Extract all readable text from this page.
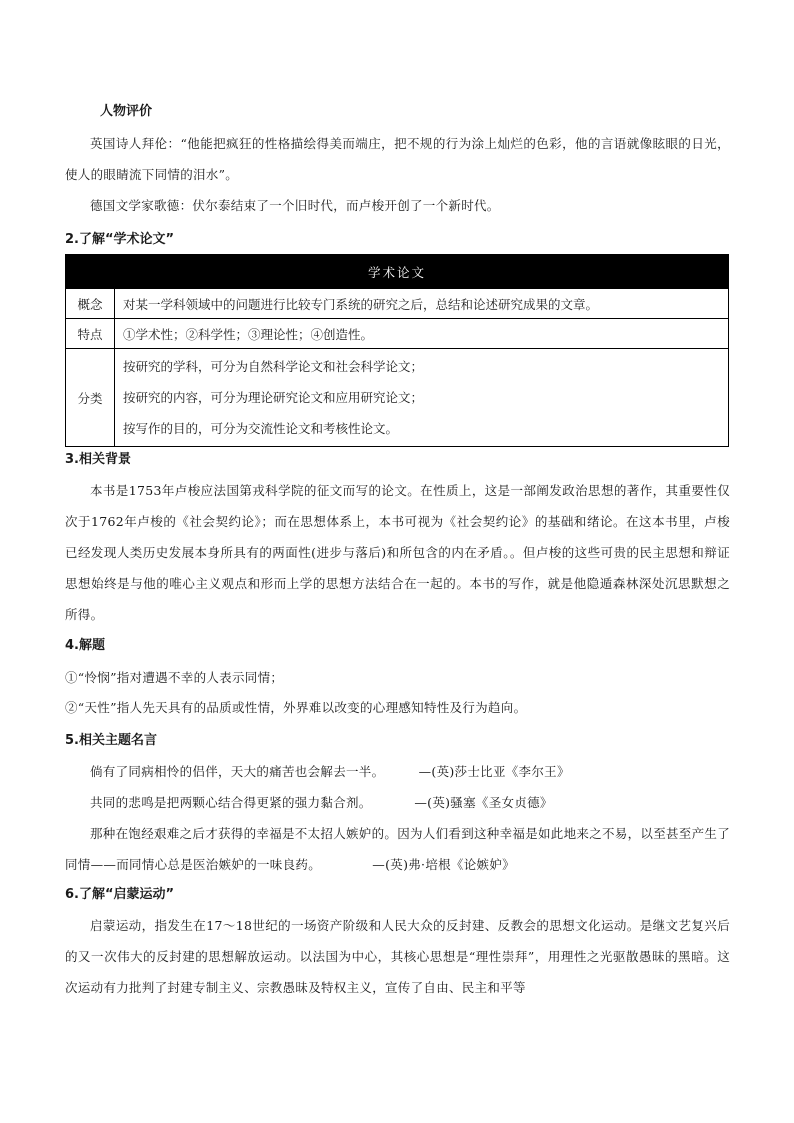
人物评价

英国诗人拜伦：“他能把疯狂的性格描绘得美而端庄，把不规的行为涂上灿烂的色彩，他的言语就像眩眼的日光，使人的眼睛流下同情的泪水”。

德国文学家歌德：伏尔泰结束了一个旧时代，而卢梭开创了一个新时代。

2.了解“学术论文”
学术论文	
概念	对某一学科领域中的问题进行比较专门系统的研究之后，总结和论述研究成果的文章。
特点	①学术性；②科学性；③理论性；④创造性。
分类	按研究的学科，可分为自然科学论文和社会科学论文；
按研究的内容，可分为理论研究论文和应用研究论文；
按写作的目的，可分为交流性论文和考核性论文。
3.相关背景

本书是1753年卢梭应法国第戎科学院的征文而写的论文。在性质上，这是一部阐发政治思想的著作，其重要性仅次于1762年卢梭的《社会契约论》；而在思想体系上，本书可视为《社会契约论》的基础和绪论。在这本书里，卢梭已经发现人类历史发展本身所具有的两面性(进步与落后)和所包含的内在矛盾。。但卢梭的这些可贵的民主思想和辩证思想始终是与他的唯心主义观点和形而上学的思想方法结合在一起的。本书的写作，就是他隐遁森林深处沉思默想之所得。

4.解题

①“怜悯”指对遭遇不幸的人表示同情；

②“天性”指人先天具有的品质或性情，外界难以改变的心理感知特性及行为趋向。

5.相关主题名言

倘有了同病相怜的侣伴，天大的痛苦也会解去一半。	—(英)莎士比亚《李尔王》

共同的悲鸣是把两颗心结合得更紧的强力黏合剂。	—(英)骚塞《圣女贞德》

那种在饱经艰难之后才获得的幸福是不太招人嫉妒的。因为人们看到这种幸福是如此地来之不易，以至甚至产生了同情——而同情心总是医治嫉妒的一味良药。	—(英)弗·培根《论嫉妒》

6.了解“启蒙运动”

启蒙运动，指发生在17～18世纪的一场资产阶级和人民大众的反封建、反教会的思想文化运动。是继文艺复兴后的又一次伟大的反封建的思想解放运动。以法国为中心，其核心思想是“理性崇拜”，用理性之光驱散愚昧的黑暗。这次运动有力批判了封建专制主义、宗教愚昧及特权主义，宣传了自由、民主和平等
